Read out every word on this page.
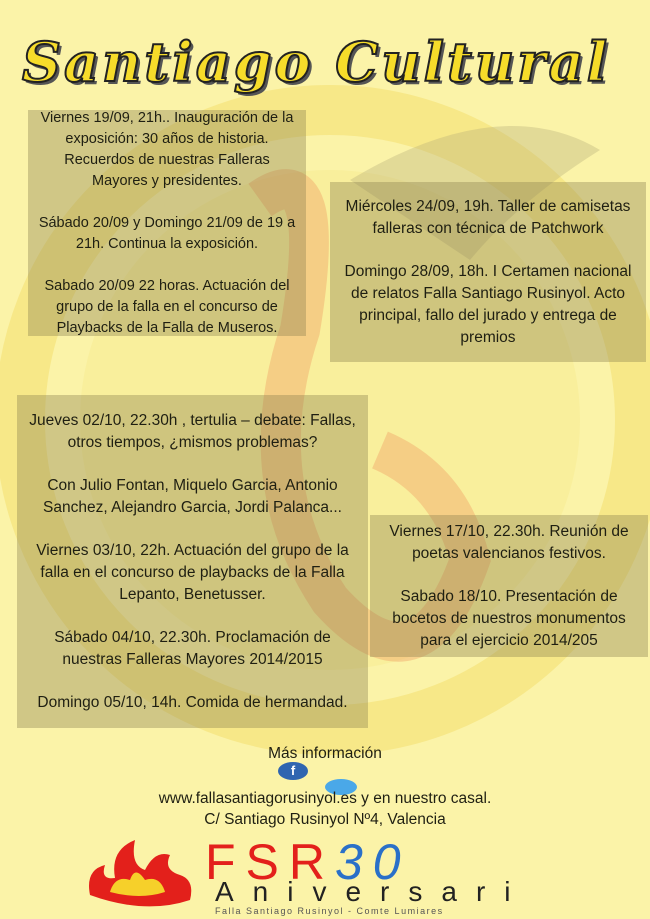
Santiago Cultural

Viernes 19/09, 21h.. Inauguración de la exposición: 30 años de historia. Recuerdos de nuestras Falleras Mayores y presidentes.

Sábado 20/09 y Domingo 21/09 de 19 a 21h. Continua la exposición.

Sabado 20/09 22 horas. Actuación del grupo de la falla en el concurso de Playbacks de la Falla de Museros.

Miércoles 24/09, 19h. Taller de camisetas falleras con técnica de Patchwork

Domingo 28/09, 18h. I Certamen nacional de relatos Falla Santiago Rusinyol. Acto principal, fallo del jurado y entrega de premios

Jueves 02/10, 22.30h , tertulia – debate: Fallas, otros tiempos, ¿mismos problemas?

Con Julio Fontan, Miquelo Garcia, Antonio Sanchez, Alejandro Garcia, Jordi Palanca...

Viernes 03/10, 22h. Actuación del grupo de la falla en el concurso de playbacks de la Falla Lepanto, Benetusser.

Sábado 04/10, 22.30h. Proclamación de nuestras Falleras Mayores 2014/2015

Domingo 05/10, 14h. Comida de hermandad.

Viernes 17/10, 22.30h. Reunión de poetas valencianos festivos.

Sabado 18/10. Presentación de bocetos de nuestros monumentos para el ejercicio 2014/205

Más información
f
www.fallasantiagorusinyol.es y en nuestro casal.
C/ Santiago Rusinyol Nº4, Valencia
FSR30
Aniversari
Falla Santiago Rusinyol - Comte Lumiares
